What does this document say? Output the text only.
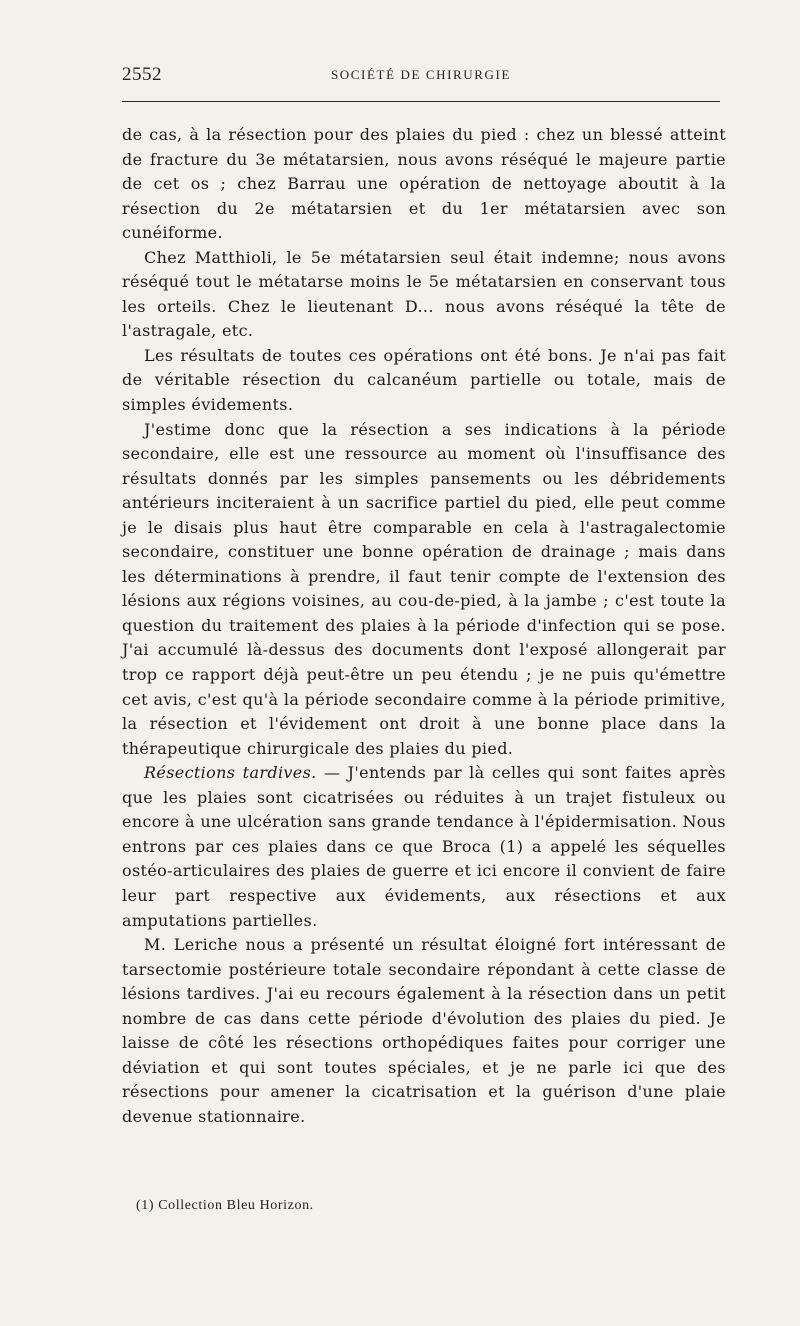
2552	SOCIÉTÉ DE CHIRURGIE

de cas, à la résection pour des plaies du pied : chez un blessé atteint de fracture du 3e métatarsien, nous avons réséqué le majeure partie de cet os ; chez Barrau une opération de nettoyage aboutit à la résection du 2e métatarsien et du 1er métatarsien avec son cunéiforme.

Chez Matthioli, le 5e métatarsien seul était indemne; nous avons réséqué tout le métatarse moins le 5e métatarsien en conservant tous les orteils. Chez le lieutenant D... nous avons réséqué la tête de l'astragale, etc.

Les résultats de toutes ces opérations ont été bons. Je n'ai pas fait de véritable résection du calcanéum partielle ou totale, mais de simples évidements.

J'estime donc que la résection a ses indications à la période secondaire, elle est une ressource au moment où l'insuffisance des résultats donnés par les simples pansements ou les débridements antérieurs inciteraient à un sacrifice partiel du pied, elle peut comme je le disais plus haut être comparable en cela à l'astragalectomie secondaire, constituer une bonne opération de drainage ; mais dans les déterminations à prendre, il faut tenir compte de l'extension des lésions aux régions voisines, au cou-de-pied, à la jambe ; c'est toute la question du traitement des plaies à la période d'infection qui se pose. J'ai accumulé là-dessus des documents dont l'exposé allongerait par trop ce rapport déjà peut-être un peu étendu ; je ne puis qu'émettre cet avis, c'est qu'à la période secondaire comme à la période primitive, la résection et l'évidement ont droit à une bonne place dans la thérapeutique chirurgicale des plaies du pied.

Résections tardives. — J'entends par là celles qui sont faites après que les plaies sont cicatrisées ou réduites à un trajet fistuleux ou encore à une ulcération sans grande tendance à l'épidermisation. Nous entrons par ces plaies dans ce que Broca (1) a appelé les séquelles ostéo-articulaires des plaies de guerre et ici encore il convient de faire leur part respective aux évidements, aux résections et aux amputations partielles.

M. Leriche nous a présenté un résultat éloigné fort intéressant de tarsectomie postérieure totale secondaire répondant à cette classe de lésions tardives. J'ai eu recours également à la résection dans un petit nombre de cas dans cette période d'évolution des plaies du pied. Je laisse de côté les résections orthopédiques faites pour corriger une déviation et qui sont toutes spéciales, et je ne parle ici que des résections pour amener la cicatrisation et la guérison d'une plaie devenue stationnaire.

(1) Collection Bleu Horizon.
